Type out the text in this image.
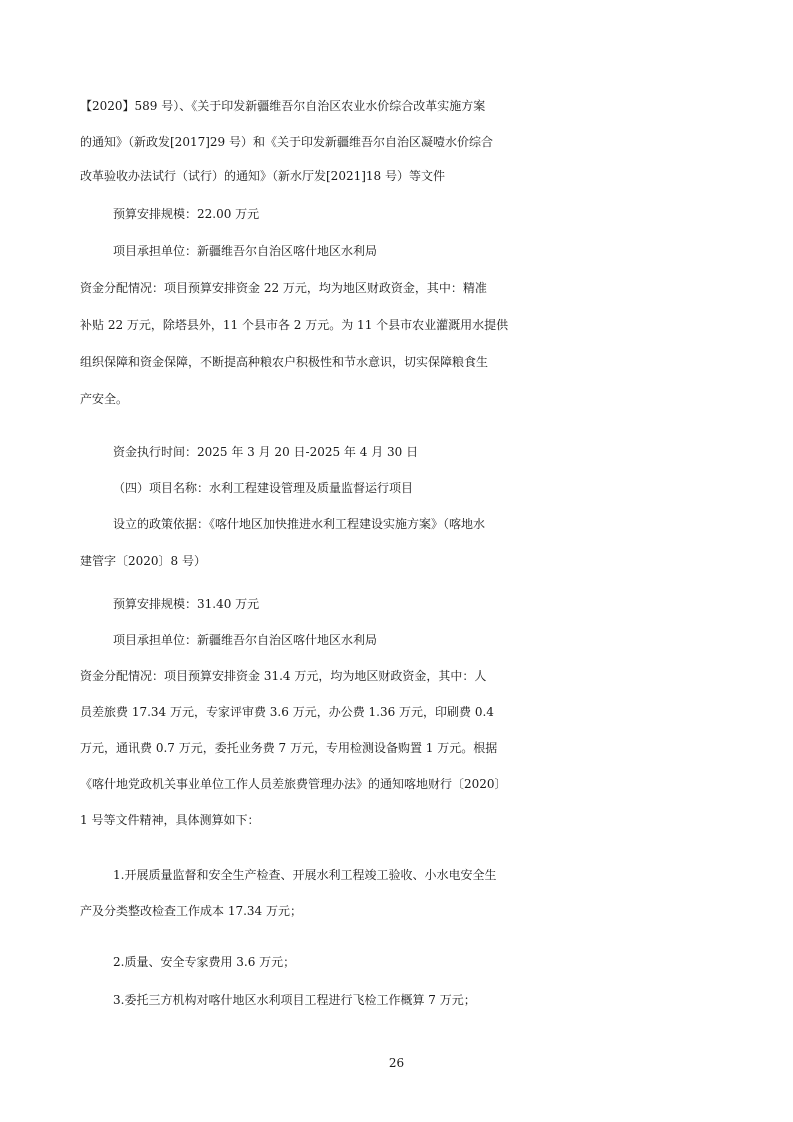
【2020】589 号）、《关于印发新疆维吾尔自治区农业水价综合改革实施方案
的通知》（新政发[2017]29 号）和《关于印发新疆维吾尔自治区凝噎水价综合
改革验收办法试行（试行）的通知》（新水厅发[2021]18 号）等文件
预算安排规模：22.00 万元
项目承担单位：新疆维吾尔自治区喀什地区水利局
资金分配情况：项目预算安排资金 22 万元，均为地区财政资金，其中：精准
补贴 22 万元，除塔县外，11 个县市各 2 万元。为 11 个县市农业灌溉用水提供
组织保障和资金保障，不断提高种粮农户积极性和节水意识，切实保障粮食生
产安全。
资金执行时间：2025 年 3 月 20 日-2025 年 4 月 30 日
（四）项目名称：水利工程建设管理及质量监督运行项目
设立的政策依据：《喀什地区加快推进水利工程建设实施方案》（喀地水
建管字〔2020〕8 号）
预算安排规模：31.40 万元
项目承担单位：新疆维吾尔自治区喀什地区水利局
资金分配情况：项目预算安排资金 31.4 万元，均为地区财政资金，其中：人
员差旅费 17.34 万元，专家评审费 3.6 万元，办公费 1.36 万元，印刷费 0.4
万元，通讯费 0.7 万元，委托业务费 7 万元，专用检测设备购置 1 万元。根据
《喀什地党政机关事业单位工作人员差旅费管理办法》的通知喀地财行〔2020〕
1 号等文件精神，具体测算如下：
1.开展质量监督和安全生产检查、开展水利工程竣工验收、小水电安全生
产及分类整改检查工作成本 17.34 万元；
2.质量、安全专家费用 3.6 万元；
3.委托三方机构对喀什地区水利项目工程进行飞检工作概算 7 万元；
26
